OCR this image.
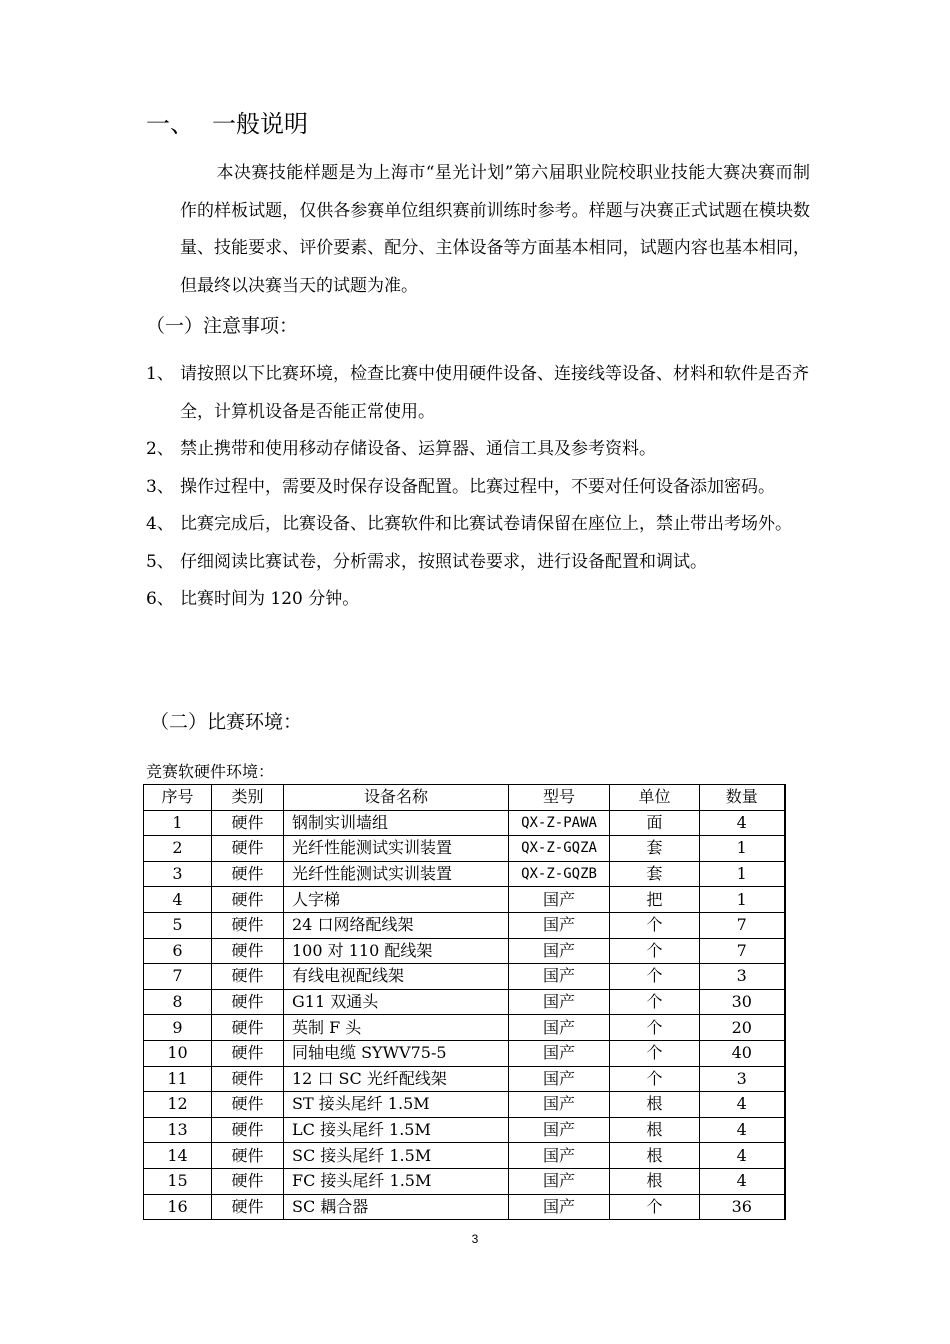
一、 一般说明
本决赛技能样题是为上海市“星光计划”第六届职业院校职业技能大赛决赛而制作的样板试题，仅供各参赛单位组织赛前训练时参考。样题与决赛正式试题在模块数量、技能要求、评价要素、配分、主体设备等方面基本相同，试题内容也基本相同，但最终以决赛当天的试题为准。
（一）注意事项：
1、 请按照以下比赛环境，检查比赛中使用硬件设备、连接线等设备、材料和软件是否齐全，计算机设备是否能正常使用。
2、 禁止携带和使用移动存储设备、运算器、通信工具及参考资料。
3、 操作过程中，需要及时保存设备配置。比赛过程中，不要对任何设备添加密码。
4、 比赛完成后，比赛设备、比赛软件和比赛试卷请保留在座位上，禁止带出考场外。
5、 仔细阅读比赛试卷，分析需求，按照试卷要求，进行设备配置和调试。
6、 比赛时间为 120 分钟。
（二）比赛环境：
竞赛软硬件环境：
序号	类别	设备名称	型号	单位	数量
1	硬件	钢制实训墙组	QX-Z-PAWA	面	4
2	硬件	光纤性能测试实训装置	QX-Z-GQZA	套	1
3	硬件	光纤性能测试实训装置	QX-Z-GQZB	套	1
4	硬件	人字梯	国产	把	1
5	硬件	24 口网络配线架	国产	个	7
6	硬件	100 对 110 配线架	国产	个	7
7	硬件	有线电视配线架	国产	个	3
8	硬件	G11 双通头	国产	个	30
9	硬件	英制 F 头	国产	个	20
10	硬件	同轴电缆 SYWV75-5	国产	个	40
11	硬件	12 口 SC 光纤配线架	国产	个	3
12	硬件	ST 接头尾纤 1.5M	国产	根	4
13	硬件	LC 接头尾纤 1.5M	国产	根	4
14	硬件	SC 接头尾纤 1.5M	国产	根	4
15	硬件	FC 接头尾纤 1.5M	国产	根	4
16	硬件	SC 耦合器	国产	个	36
3
